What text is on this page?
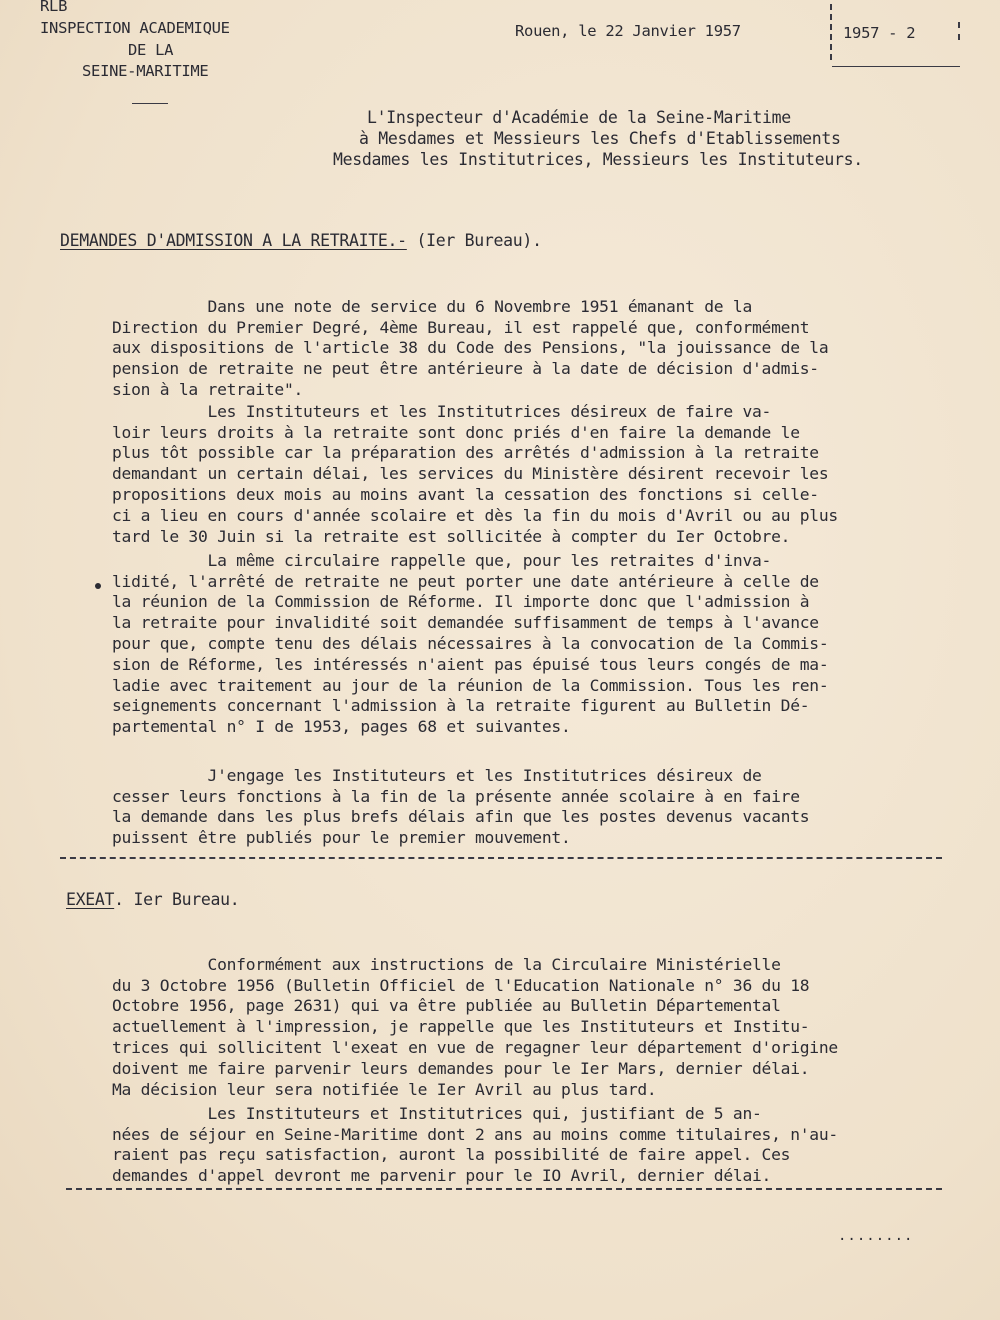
RLB
INSPECTION ACADEMIQUE
DE LA
SEINE-MARITIME
Rouen, le 22 Janvier 1957	1957 - 2
L'Inspecteur d'Académie de la Seine-Maritime
à Mesdames et Messieurs les Chefs d'Etablissements
Mesdames les Institutrices, Messieurs les Instituteurs.
DEMANDES D'ADMISSION A LA RETRAITE.- (Ier Bureau).

Dans une note de service du 6 Novembre 1951 émanant de la
Direction du Premier Degré, 4ème Bureau, il est rappelé que, conformément
aux dispositions de l'article 38 du Code des Pensions, "la jouissance de la
pension de retraite ne peut être antérieure à la date de décision d'admis-
sion à la retraite".

Les Instituteurs et les Institutrices désireux de faire va-
loir leurs droits à la retraite sont donc priés d'en faire la demande le
plus tôt possible car la préparation des arrêtés d'admission à la retraite
demandant un certain délai, les services du Ministère désirent recevoir les
propositions deux mois au moins avant la cessation des fonctions si celle-
ci a lieu en cours d'année scolaire et dès la fin du mois d'Avril ou au plus
tard le 30 Juin si la retraite est sollicitée à compter du Ier Octobre.

La même circulaire rappelle que, pour les retraites d'inva-
lidité, l'arrêté de retraite ne peut porter une date antérieure à celle de
la réunion de la Commission de Réforme. Il importe donc que l'admission à
la retraite pour invalidité soit demandée suffisamment de temps à l'avance
pour que, compte tenu des délais nécessaires à la convocation de la Commis-
sion de Réforme, les intéressés n'aient pas épuisé tous leurs congés de ma-
ladie avec traitement au jour de la réunion de la Commission. Tous les ren-
seignements concernant l'admission à la retraite figurent au Bulletin Dé-
partemental n° I de 1953, pages 68 et suivantes.

J'engage les Instituteurs et les Institutrices désireux de
cesser leurs fonctions à la fin de la présente année scolaire à en faire
la demande dans les plus brefs délais afin que les postes devenus vacants
puissent être publiés pour le premier mouvement.
EXEAT. Ier Bureau.

Conformément aux instructions de la Circulaire Ministérielle
du 3 Octobre 1956 (Bulletin Officiel de l'Education Nationale n° 36 du 18
Octobre 1956, page 2631) qui va être publiée au Bulletin Départemental
actuellement à l'impression, je rappelle que les Instituteurs et Institu-
trices qui sollicitent l'exeat en vue de regagner leur département d'origine
doivent me faire parvenir leurs demandes pour le Ier Mars, dernier délai.
Ma décision leur sera notifiée le Ier Avril au plus tard.

Les Instituteurs et Institutrices qui, justifiant de 5 an-
nées de séjour en Seine-Maritime dont 2 ans au moins comme titulaires, n'au-
raient pas reçu satisfaction, auront la possibilité de faire appel. Ces
demandes d'appel devront me parvenir pour le IO Avril, dernier délai.
........
